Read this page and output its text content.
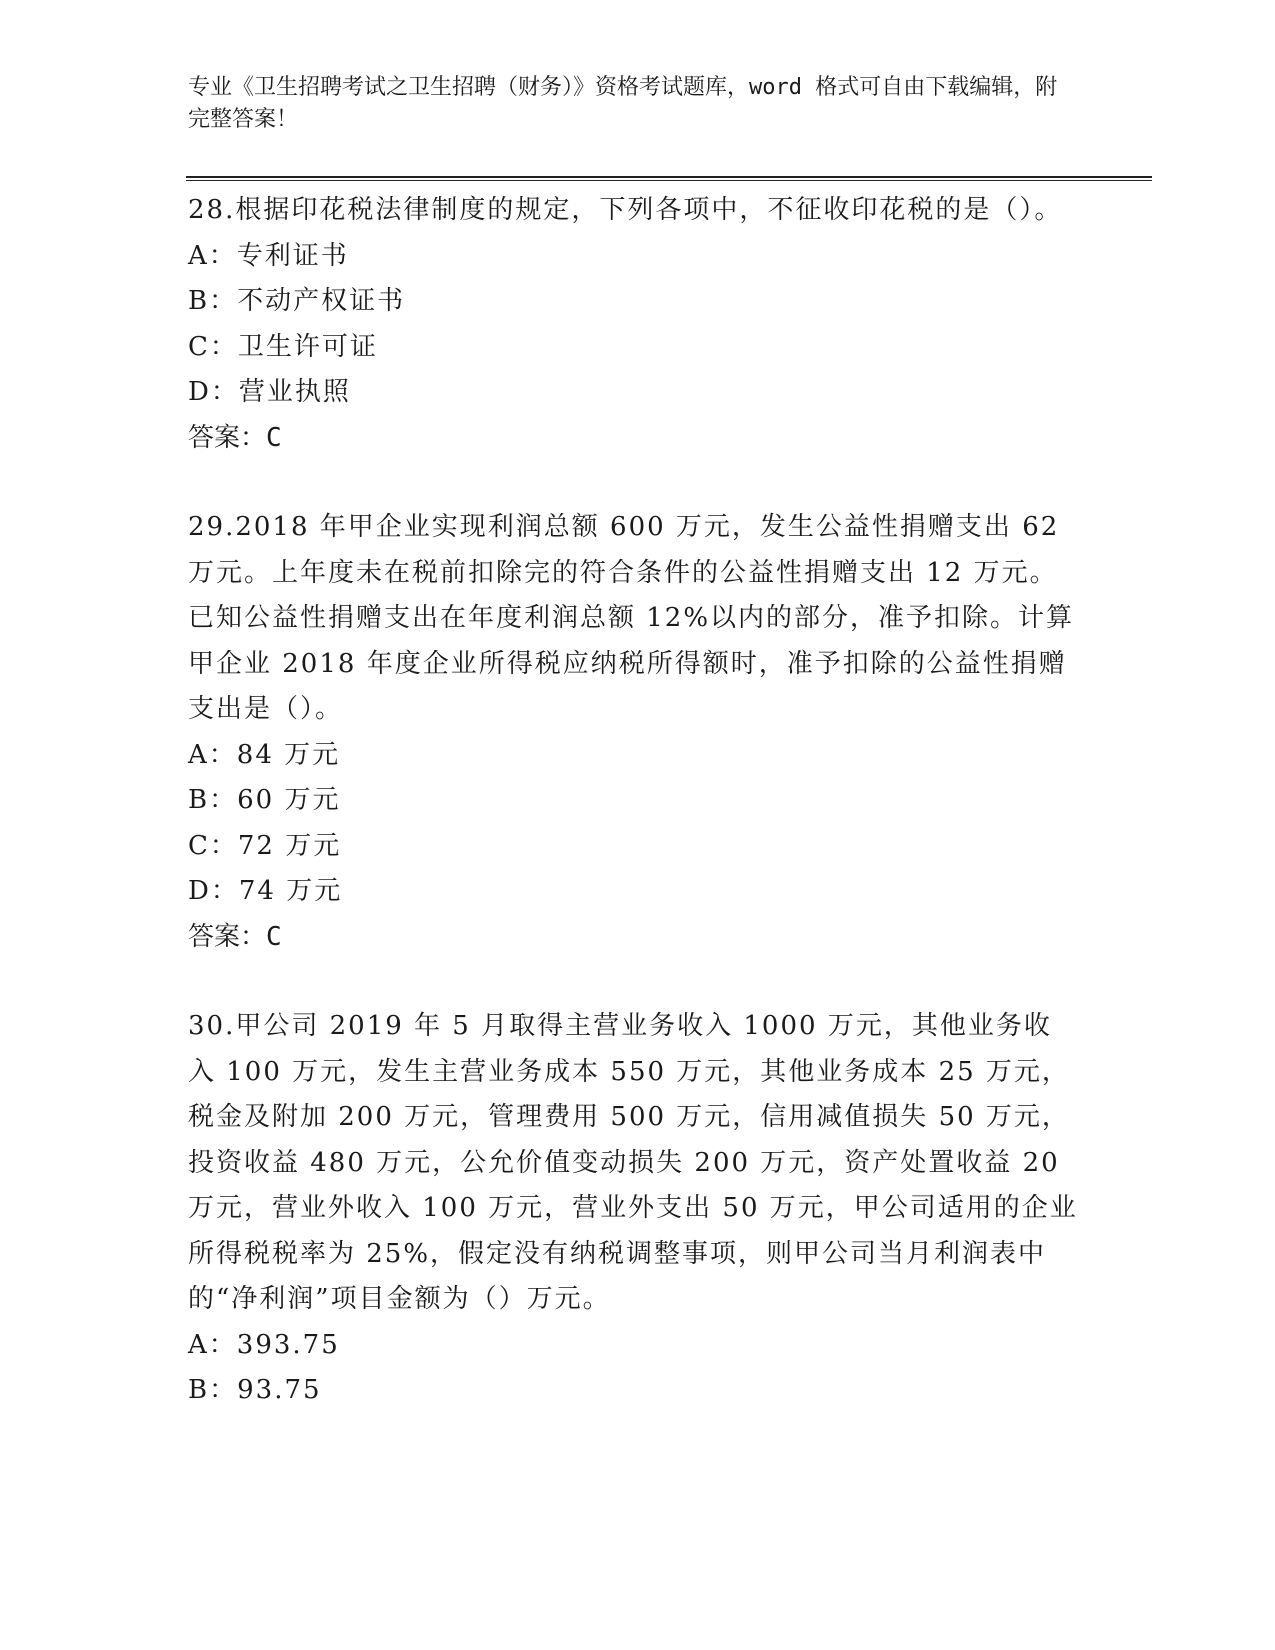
专业《卫生招聘考试之卫生招聘（财务）》资格考试题库，word 格式可自由下载编辑，附完整答案！

28.根据印花税法律制度的规定，下列各项中，不征收印花税的是（）。

A：专利证书

B：不动产权证书

C：卫生许可证

D：营业执照

答案：C

29.2018 年甲企业实现利润总额 600 万元，发生公益性捐赠支出 62 万元。上年度未在税前扣除完的符合条件的公益性捐赠支出 12 万元。已知公益性捐赠支出在年度利润总额 12%以内的部分，准予扣除。计算甲企业 2018 年度企业所得税应纳税所得额时，准予扣除的公益性捐赠支出是（）。

A：84 万元

B：60 万元

C：72 万元

D：74 万元

答案：C

30.甲公司 2019 年 5 月取得主营业务收入 1000 万元，其他业务收入 100 万元，发生主营业务成本 550 万元，其他业务成本 25 万元，税金及附加 200 万元，管理费用 500 万元，信用减值损失 50 万元，投资收益 480 万元，公允价值变动损失 200 万元，资产处置收益 20 万元，营业外收入 100 万元，营业外支出 50 万元，甲公司适用的企业所得税税率为 25%，假定没有纳税调整事项，则甲公司当月利润表中的“净利润”项目金额为（）万元。

A：393.75

B：93.75
